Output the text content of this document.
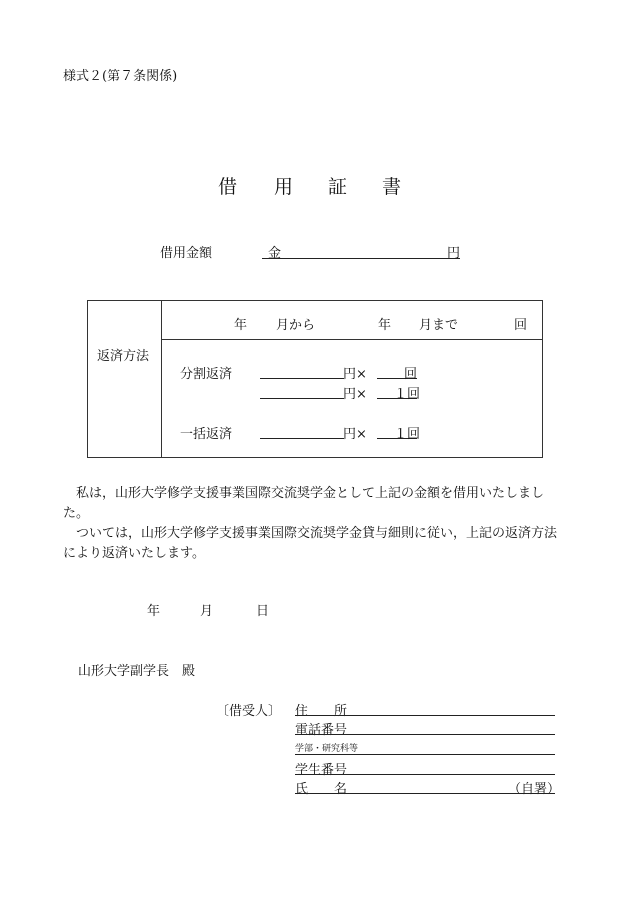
様式２(第７条関係)
借 用 証 書
借用金額	金	円
返済方法
年 月から	年 月まで	回
分割返済	円×	回
円× １回
一括返済	円× １回
　私は，山形大学修学支援事業国際交流奨学金として上記の金額を借用いたしました。
　ついては，山形大学修学支援事業国際交流奨学金貸与細則に従い，上記の返済方法により返済いたします。
年	月	日
山形大学副学長　殿
〔借受人〕 住　　所
電話番号
学部・研究科等
学生番号
氏　　名	（自署）
